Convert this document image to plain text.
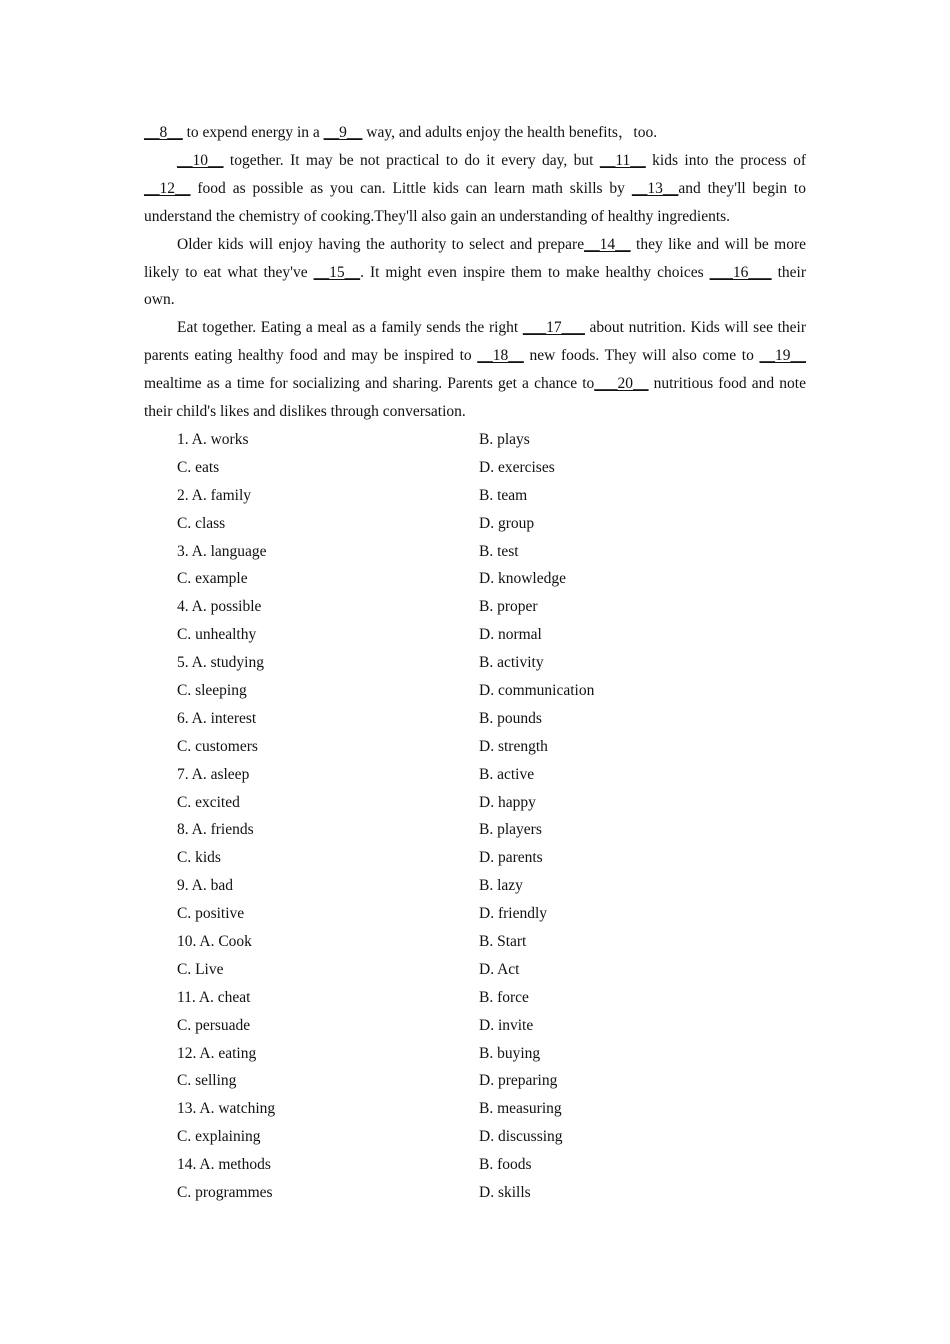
__8__ to expend energy in a __9__ way, and adults enjoy the health benefits，too.

__10__ together. It may be not practical to do it every day, but __11__ kids into the process of __12__ food as possible as you can. Little kids can learn math skills by __13__and they'll begin to understand the chemistry of cooking.They'll also gain an understanding of healthy ingredients.

Older kids will enjoy having the authority to select and prepare__14__ they like and will be more likely to eat what they've __15__. It might even inspire them to make healthy choices ___16___ their own.

Eat together. Eating a meal as a family sends the right ___17___ about nutrition. Kids will see their parents eating healthy food and may be inspired to __18__ new foods. They will also come to __19__ mealtime as a time for socializing and sharing. Parents get a chance to___20__ nutritious food and note their child's likes and dislikes through conversation.

1. A. works	B. plays
C. eats	D. exercises
2. A. family	B. team
C. class	D. group
3. A. language	B. test
C. example	D. knowledge
4. A. possible	B. proper
C. unhealthy	D. normal
5. A. studying	B. activity
C. sleeping	D. communication
6. A. interest	B. pounds
C. customers	D. strength
7. A. asleep	B. active
C. excited	D. happy
8. A. friends	B. players
C. kids	D. parents
9. A. bad	B. lazy
C. positive	D. friendly
10. A. Cook	B. Start
C. Live	D. Act
11. A. cheat	B. force
C. persuade	D. invite
12. A. eating	B. buying
C. selling	D. preparing
13. A. watching	B. measuring
C. explaining	D. discussing
14. A. methods	B. foods
C. programmes	D. skills
